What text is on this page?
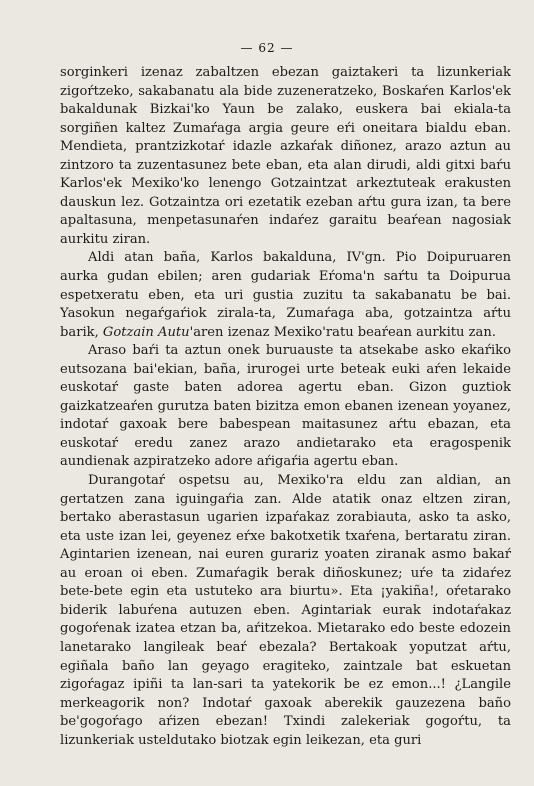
— 62 —

sorginkeri izenaz zabaltzen ebezan gaiztakeri ta lizunkeriak zigoŕtzeko, sakabanatu ala bide zuzeneratzeko, Boskaŕen Karlos'ek bakaldunak Bizkai'ko Yaun be zalako, euskera bai ekiala-ta sorgiñen kaltez Zumaŕaga argia geure eŕi oneitara bialdu eban. Mendieta, prantzizkotaŕ idazle azkaŕak diñonez, arazo aztun au zintzoro ta zuzentasunez bete eban, eta alan dirudi, aldi gitxi baŕu Karlos'ek Mexiko'ko lenengo Gotzaintzat arkeztuteak erakusten dauskun lez. Gotzaintza ori ezetatik ezeban aŕtu gura izan, ta bere apaltasuna, menpetasunaŕen indaŕez garaitu beaŕean nagosiak aurkitu ziran.

Aldi atan baña, Karlos bakalduna, IV'gn. Pio Doipuruaren aurka gudan ebilen; aren gudariak Eŕoma'n saŕtu ta Doipurua espetxeratu eben, eta uri gustia zuzitu ta sakabanatu be bai. Yasokun negaŕgaŕiok zirala-ta, Zumaŕaga aba, gotzaintza aŕtu barik, Gotzain Autu'aren izenaz Mexiko'ratu beaŕean aurkitu zan.

Araso baŕi ta aztun onek buruauste ta atsekabe asko ekaŕiko eutsozana bai'ekian, baña, irurogei urte beteak euki aŕen lekaide euskotaŕ gaste baten adorea agertu eban. Gizon guztiok gaizkatzeaŕen gurutza baten bizitza emon ebanen izenean yoyanez, indotaŕ gaxoak bere babespean maitasunez aŕtu ebazan, eta euskotaŕ eredu zanez arazo andietarako eta eragospenik aundienak azpiratzeko adore aŕigaŕia agertu eban.

Durangotaŕ ospetsu au, Mexiko'ra eldu zan aldian, an gertatzen zana iguingaŕia zan. Alde atatik onaz eltzen ziran, bertako aberastasun ugarien izpaŕakaz zorabiauta, asko ta asko, eta uste izan lei, geyenez eŕxe bakotxetik txaŕena, bertaratu ziran. Agintarien izenean, nai euren gurariz yoaten ziranak asmo bakaŕ au eroan oi eben. Zumaŕagik berak diñoskunez; uŕe ta zidaŕez bete-bete egin eta ustuteko ara biurtu». Eta ¡yakiña!, oŕetarako biderik labuŕena autuzen eben. Agintariak eurak indotaŕakaz gogoŕenak izatea etzan ba, aŕitzekoa. Mietarako edo beste edozein lanetarako langileak beaŕ ebezala? Bertakoak yoputzat aŕtu, egiñala baño lan geyago eragiteko, zaintzale bat eskuetan zigoŕagaz ipiñi ta lan-sari ta yatekorik be ez emon...! ¿Langile merkeagorik non? Indotaŕ gaxoak aberekik gauzezena baño be'gogoŕago aŕizen ebezan! Txindi zalekeriak gogoŕtu, ta lizunkeriak usteldutako biotzak egin leikezan, eta guri
